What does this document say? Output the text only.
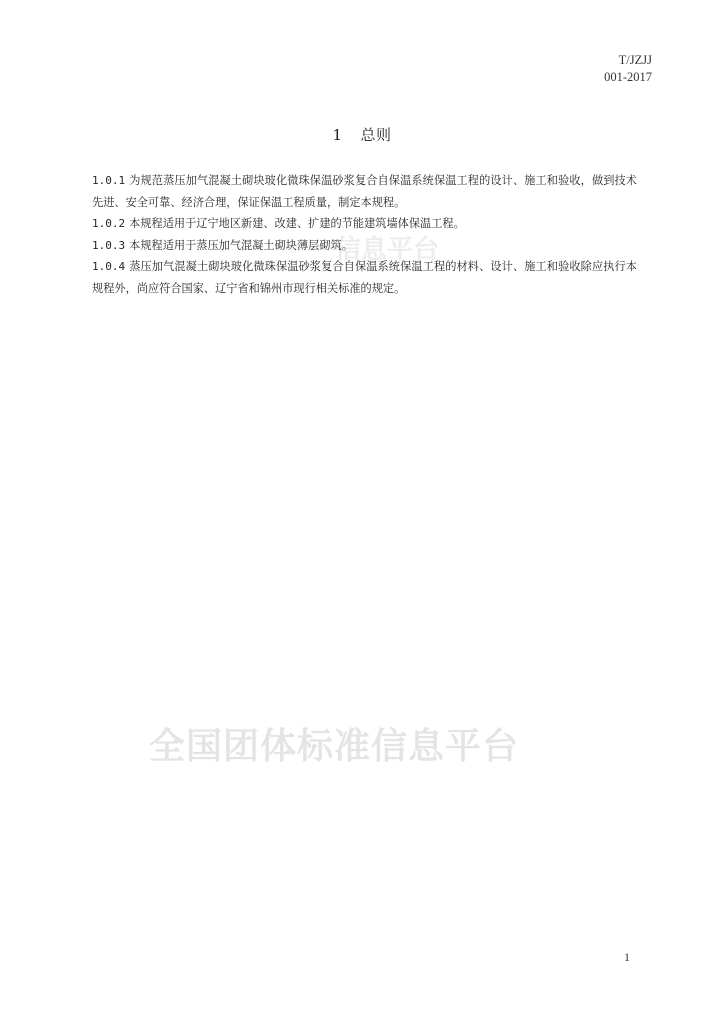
T/JZJJ
001-2017
1 总则
信息平台

1.0.1 为规范蒸压加气混凝土砌块玻化微珠保温砂浆复合自保温系统保温工程的设计、施工和验收，做到技术先进、安全可靠、经济合理，保证保温工程质量，制定本规程。

1.0.2 本规程适用于辽宁地区新建、改建、扩建的节能建筑墙体保温工程。

1.0.3 本规程适用于蒸压加气混凝土砌块薄层砌筑。

1.0.4 蒸压加气混凝土砌块玻化微珠保温砂浆复合自保温系统保温工程的材料、设计、施工和验收除应执行本规程外，尚应符合国家、辽宁省和锦州市现行相关标准的规定。

全国团体标准信息平台
1
